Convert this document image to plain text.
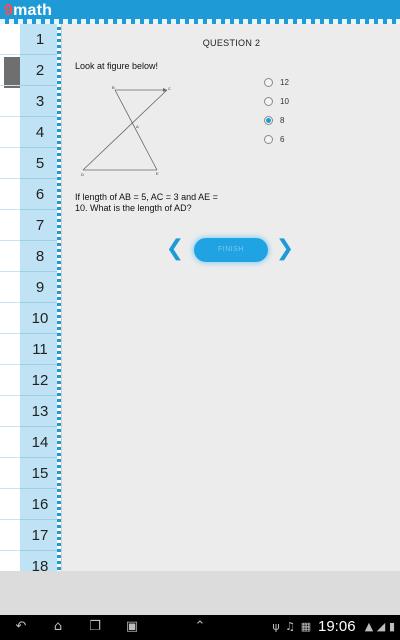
9math
1
2
3
4
5
6
7
8
9
10
11
12
13
14
15
16
17
18
QUESTION 2
Look at figure below!
B	C
A
D	E
If length of AB = 5, AC = 3 and AE = 10. What is the length of AD?
12
10
8
6
❮	FINISH	❯
↶	⌂	❐	▣	⌃	ψ ♫ ▦ 19:06 ▲ ◢ ▮
